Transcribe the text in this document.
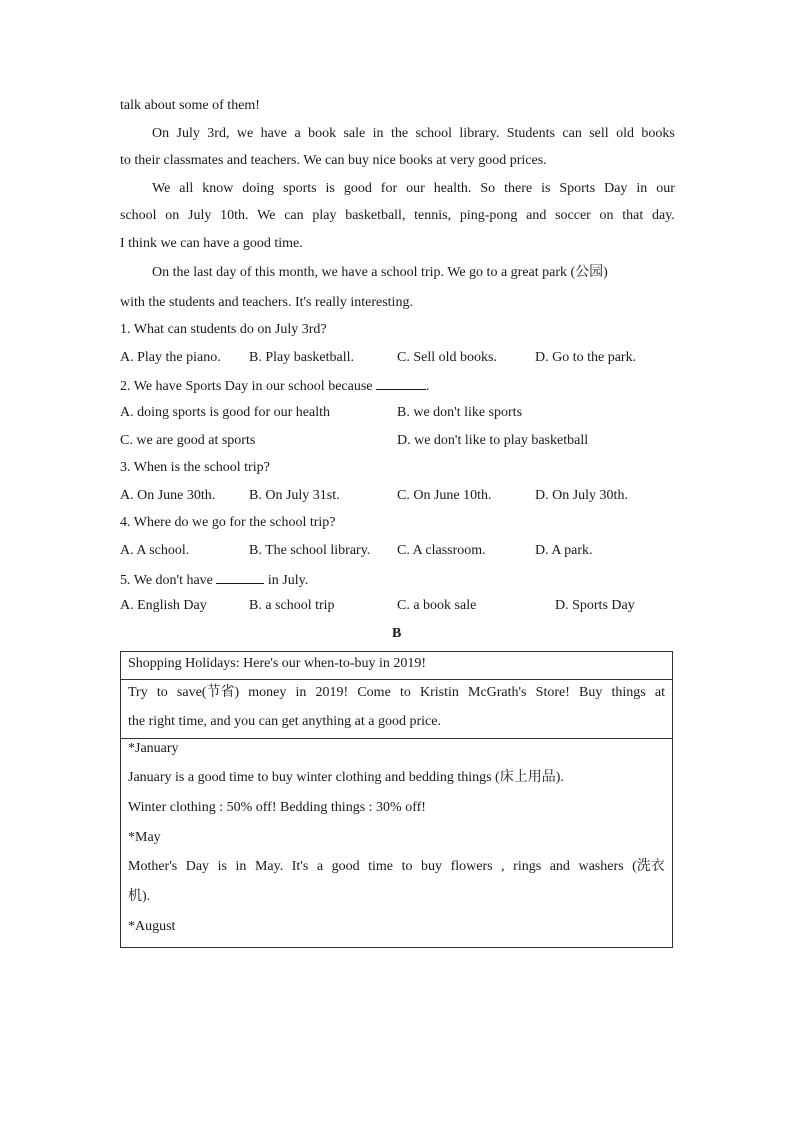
talk about some of them!
On July 3rd, we have a book sale in the school library. Students can sell old books
to their classmates and teachers. We can buy nice books at very good prices.
We all know doing sports is good for our health. So there is Sports Day in our
school on July 10th. We can play basketball, tennis, ping-pong and soccer on that day.
I think we can have a good time.
On the last day of this month, we have a school trip. We go to a great park (公园)
with the students and teachers. It's really interesting.
1. What can students do on July 3rd?
A. Play the piano. B. Play basketball.	C. Sell old books.	D. Go to the park.
2. We have Sports Day in our school because	.
A. doing sports is good for our health	B. we don't like sports
C. we are good at sports	D. we don't like to play basketball
3. When is the school trip?
A. On June 30th. B. On July 31st.	C. On June 10th.	D. On July 30th.
4. Where do we go for the school trip?
A. A school.	B. The school library. C. A classroom.	D. A park.
5. We don't have	in July.
A. English Day	B. a school trip	C. a book sale	D. Sports Day
B
Shopping Holidays: Here's our when-to-buy in 2019!
Try to save(节省) money in 2019! Come to Kristin McGrath's Store! Buy things at
the right time, and you can get anything at a good price.
*January
January is a good time to buy winter clothing and bedding things (床上用品).
Winter clothing : 50% off! Bedding things : 30% off!
*May
Mother's Day is in May. It's a good time to buy flowers , rings and washers (洗衣
机).
*August
